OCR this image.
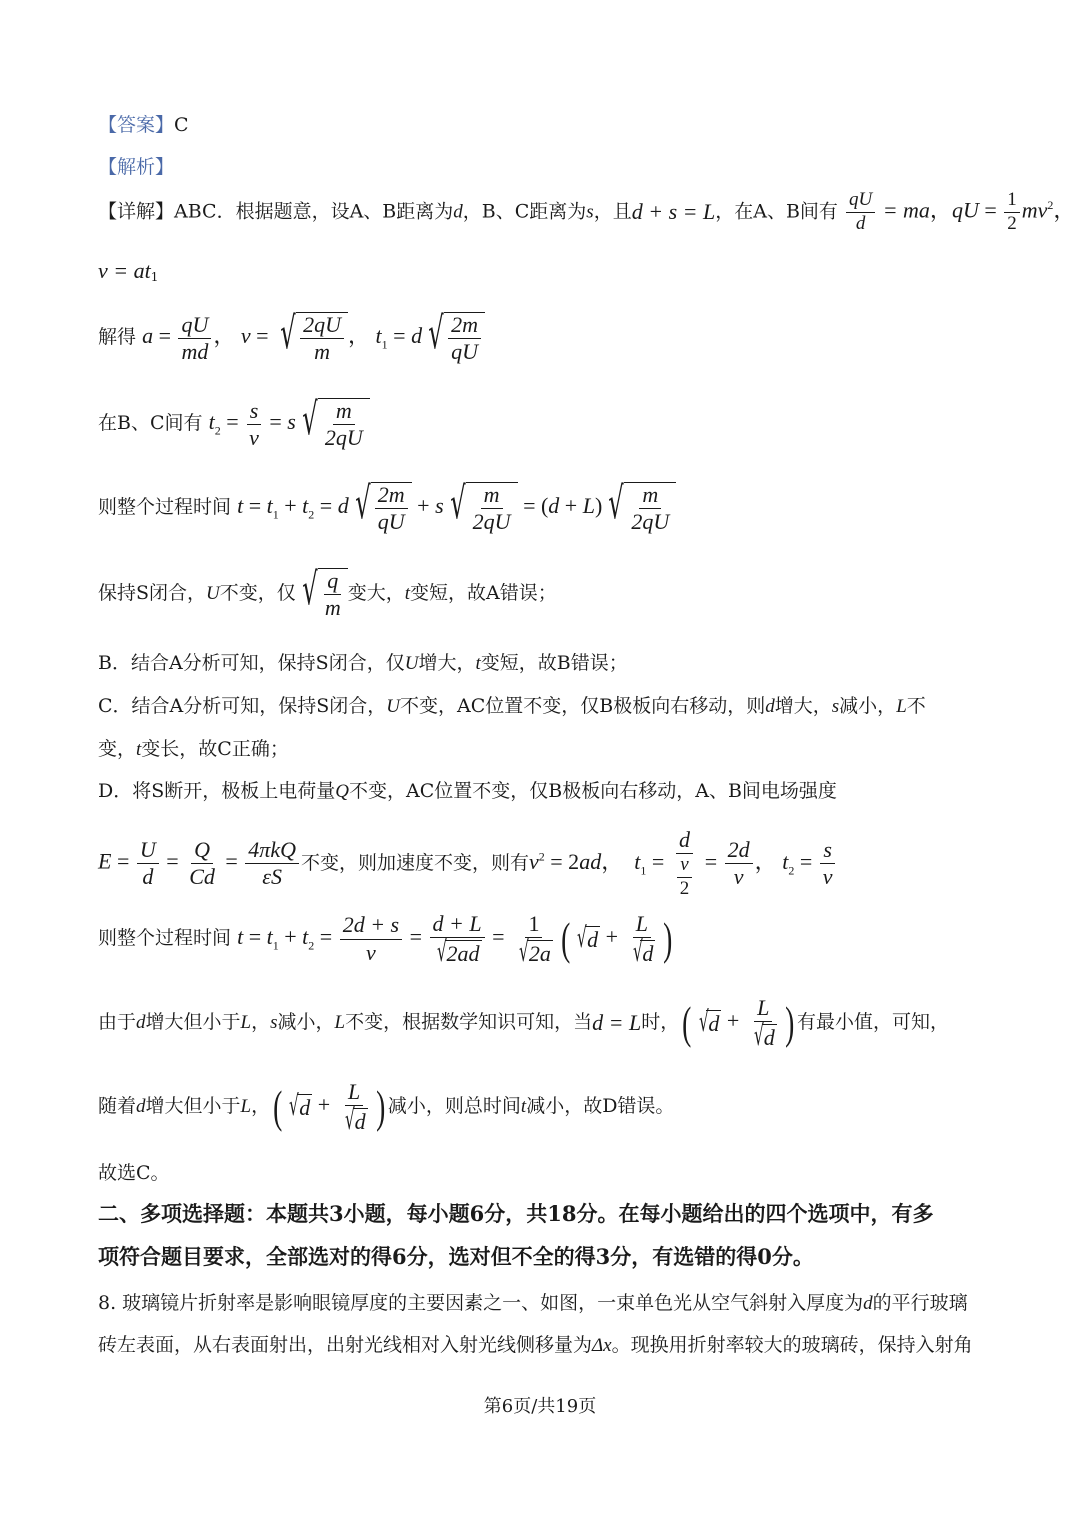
【答案】C
【解析】
【详解】ABC．根据题意，设A、B距离为d，B、C距离为s，且d + s = L，在A、B间有 $\frac{qU}{d}$ = ma，qU = $\frac{1}{2} mv^2$，
$v = at_1$
解得 $a = \frac{qU}{md}$ ， v = √ $\frac{2qU}{m}$ ， $t_1 = d$ √ $\frac{2m}{qU}$
在B、C间有 $t_2 = \frac{s}{v} = s$ √ $\frac{m}{2qU}$
则整个过程时间 $t = t_1 + t_2 = d$ √ $\frac{2m}{qU} + s$ √ $\frac{m}{2qU} = (d + L)$ √ $\frac{m}{2qU}$
保持S闭合，U不变，仅 √ $\frac{q}{m}$ 变大，t变短，故A错误；
B．结合A分析可知，保持S闭合，仅U增大，t变短，故B错误；
C．结合A分析可知，保持S闭合，U不变，AC位置不变，仅B极板向右移动，则d增大，s减小，L不
变，t变长，故C正确；
D．将S断开，极板上电荷量Q不变，AC位置不变，仅B极板向右移动，A、B间电场强度
$E = \frac{U}{d} = \frac{Q}{Cd} = \frac{\text{4πkQ}}{\varepsilon S}$ 不变，则加速度不变，则有$v^2 = 2ad$，  $t_1 = \frac{d}{\frac{v}{2}} = \frac{2d}{v}$ ， $t_2 = \frac{s}{v}$
则整个过程时间 $t = t_1 + t_2 = \frac{2d + s}{v} = \frac{d + L}{√ 2ad} = \frac{1}{√ 2a}$ ( √ $d + \frac{L}{√ d}$ )
由于d增大但小于L，s减小，L不变，根据数学知识可知，当d = L时，( √ $d + \frac{L}{√ d}$ ) 有最小值，可知，
随着d增大但小于L，( √ $d + \frac{L}{√ d}$ ) 减小，则总时间t减小，故D错误。
故选C。
二、多项选择题：本题共3小题，每小题6分，共18分。在每小题给出的四个选项中，有多
项符合题目要求，全部选对的得6分，选对但不全的得3分，有选错的得0分。
8. 玻璃镜片折射率是影响眼镜厚度的主要因素之一、如图，一束单色光从空气斜射入厚度为d的平行玻璃
砖左表面，从右表面射出，出射光线相对入射光线侧移量为Δx。现换用折射率较大的玻璃砖，保持入射角
第6页/共19页
